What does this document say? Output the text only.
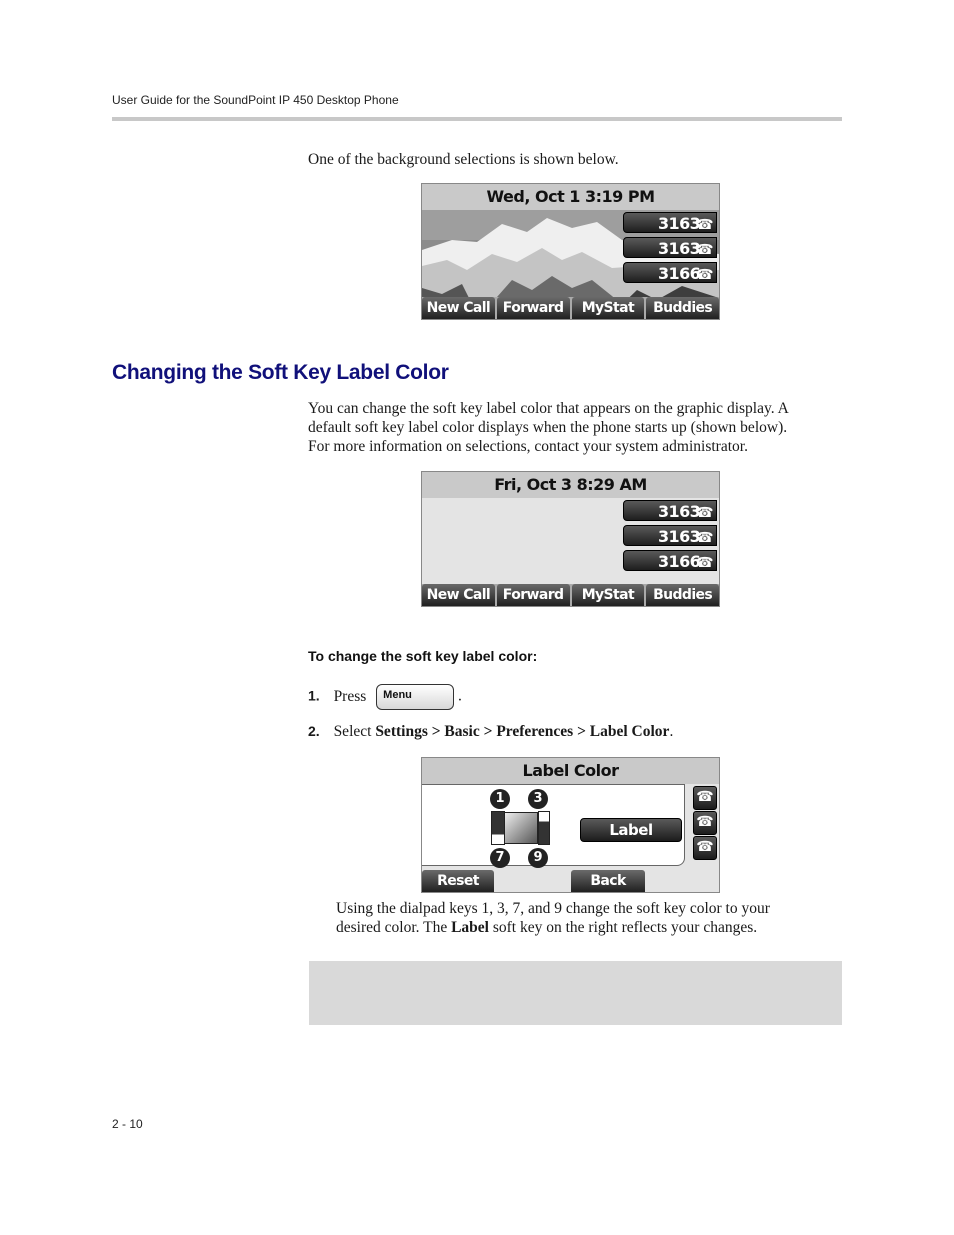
User Guide for the SoundPoint IP 450 Desktop Phone
One of the background selections is shown below.
Wed, Oct 1 3:19 PM
3163
☎
3163
☎
3166
☎
New Call Forward	MyStat	Buddies
Changing the Soft Key Label Color
You can change the soft key label color that appears on the graphic display. A
default soft key label color displays when the phone starts up (shown below).
For more information on selections, contact your system administrator.
Fri, Oct 3 8:29 AM
3163
☎
3163
☎
3166
☎
New Call Forward	MyStat	Buddies
To change the soft key label color:
1. Press Menu	.
2. Select Settings > Basic > Preferences > Label Color.
Label Color
1	3
7	9
Label
☎
☎
☎
Reset	Back
Using the dialpad keys 1, 3, 7, and 9 change the soft key color to your
desired color. The Label soft key on the right reflects your changes.
2 - 10
